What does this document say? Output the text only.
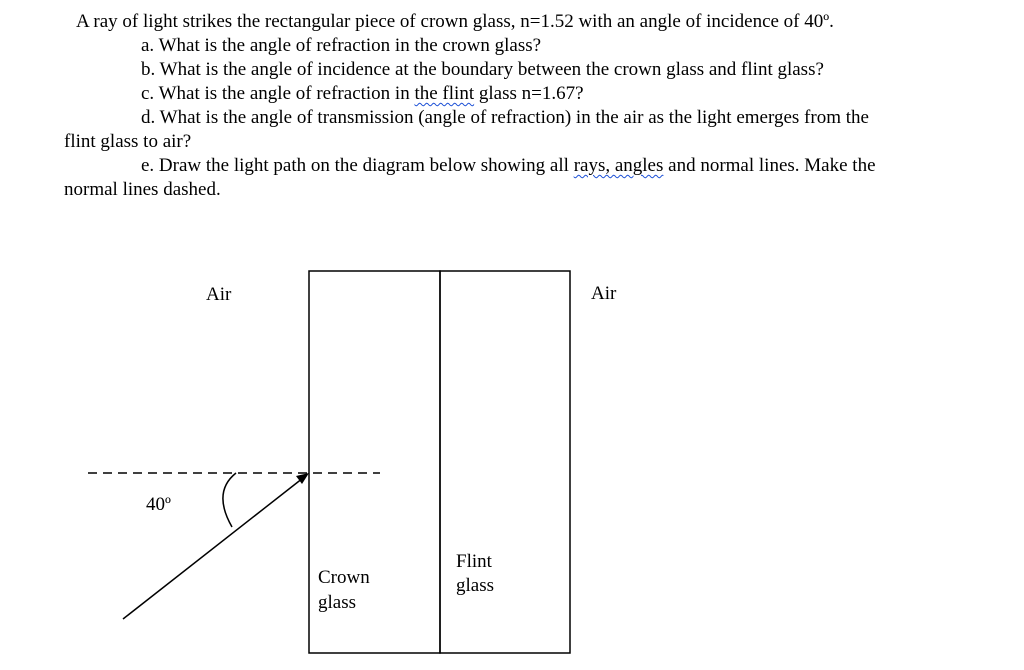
A ray of light strikes the rectangular piece of crown glass, n=1.52 with an angle of incidence of 40º.
a. What is the angle of refraction in the crown glass?
b. What is the angle of incidence at the boundary between the crown glass and flint glass?
c. What is the angle of refraction in the flint glass n=1.67?
d. What is the angle of transmission (angle of refraction) in the air as the light emerges from the
flint glass to air?
e. Draw the light path on the diagram below showing all rays, angles and normal lines. Make the
normal lines dashed.
Air	Air
40º
Crown
glass
Flint
glass
